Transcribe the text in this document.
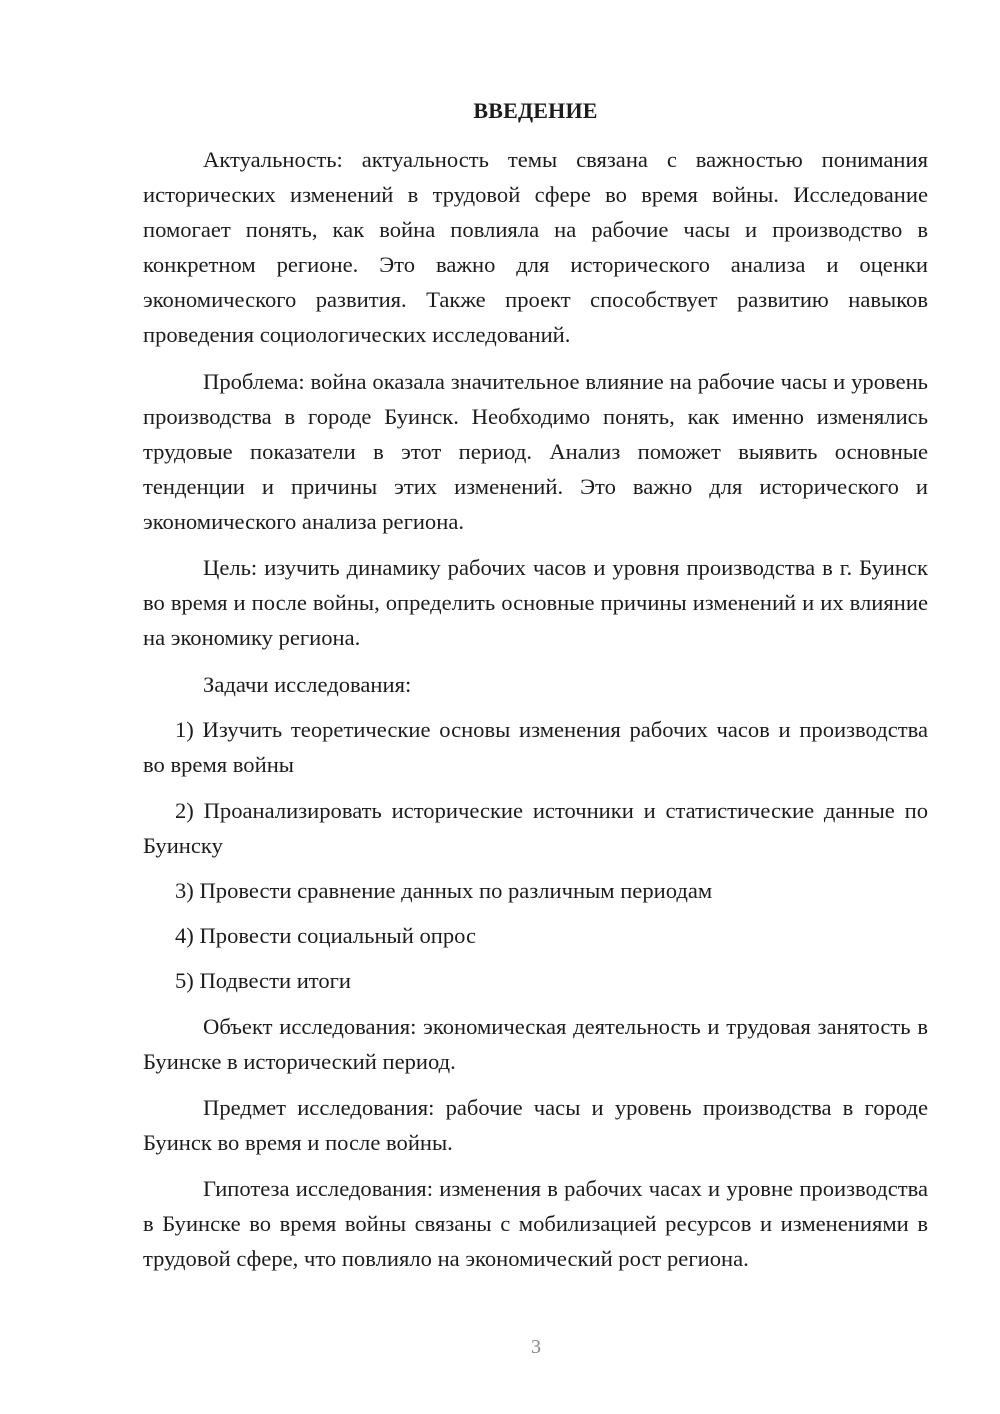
ВВЕДЕНИЕ

Актуальность: актуальность темы связана с важностью понимания исторических изменений в трудовой сфере во время войны. Исследование помогает понять, как война повлияла на рабочие часы и производство в конкретном регионе. Это важно для исторического анализа и оценки экономического развития. Также проект способствует развитию навыков проведения социологических исследований.

Проблема: война оказала значительное влияние на рабочие часы и уровень производства в городе Буинск. Необходимо понять, как именно изменялись трудовые показатели в этот период. Анализ поможет выявить основные тенденции и причины этих изменений. Это важно для исторического и экономического анализа региона.

Цель: изучить динамику рабочих часов и уровня производства в г. Буинск во время и после войны, определить основные причины изменений и их влияние на экономику региона.

Задачи исследования:

1) Изучить теоретические основы изменения рабочих часов и производства во время войны

2) Проанализировать исторические источники и статистические данные по Буинску

3) Провести сравнение данных по различным периодам

4) Провести социальный опрос

5) Подвести итоги

Объект исследования: экономическая деятельность и трудовая занятость в Буинске в исторический период.

Предмет исследования: рабочие часы и уровень производства в городе Буинск во время и после войны.

Гипотеза исследования: изменения в рабочих часах и уровне производства в Буинске во время войны связаны с мобилизацией ресурсов и изменениями в трудовой сфере, что повлияло на экономический рост региона.

3
